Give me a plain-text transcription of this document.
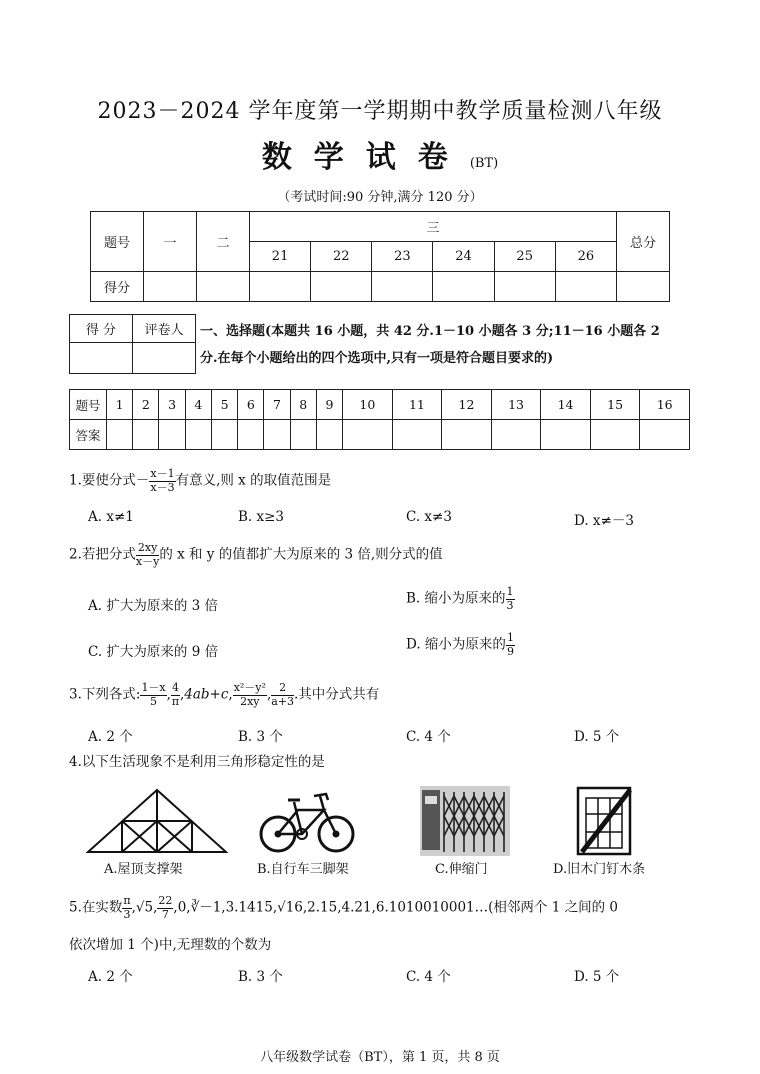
2023－2024 学年度第一学期期中教学质量检测八年级
数学试卷(BT)
（考试时间:90 分钟,满分 120 分）
题号	一	二	三						总分
			21	22	23	24	25	26	
得分									
得 分	评卷人
	一、选择题(本题共 16 小题，共 42 分.1－10 小题各 3 分;11－16 小题各 2
分.在每个小题给出的四个选项中,只有一项是符合题目要求的)
题号	1	2	3	4	5	6	7	8	9	10	11	12	13	14	15	16
答案																
1.要使分式－ $\frac{x-1}{x-3}$ 有意义,则 x 的取值范围是
A. x≠1	B. x≥3	C. x≠3	D. x≠－3
2.若把分式 $\frac{2xy}{x-y}$ 的 x 和 y 的值都扩大为原来的 3 倍,则分式的值
A. 扩大为原来的 3 倍	B. 缩小为原来的 $\frac{1}{3}$
C. 扩大为原来的 9 倍	D. 缩小为原来的 $\frac{1}{9}$
3.下列各式: $\frac{1-x}{5}$ , $\frac{4}{\pi} ,4ab+c$, $\frac{\text{x²－y²}}{2xy}$ , $\frac{2}{a+3}$ .其中分式共有
A. 2 个	B. 3 个	C. 4 个	D. 5 个
4.以下生活现象不是利用三角形稳定性的是
A.屋顶支撑架	B.自行车三脚架	C.伸缩门	D.旧木门钉木条
5.在实数 $\frac{\pi}{3} ,√5$, $\frac{22}{7}$ ,0,∛－1,3.1415,√16,2.15,4.21,6.1010010001…(相邻两个 1 之间的 0
依次增加 1 个)中,无理数的个数为
A. 2 个	B. 3 个	C. 4 个	D. 5 个
八年级数学试卷（BT），第 1 页，共 8 页
